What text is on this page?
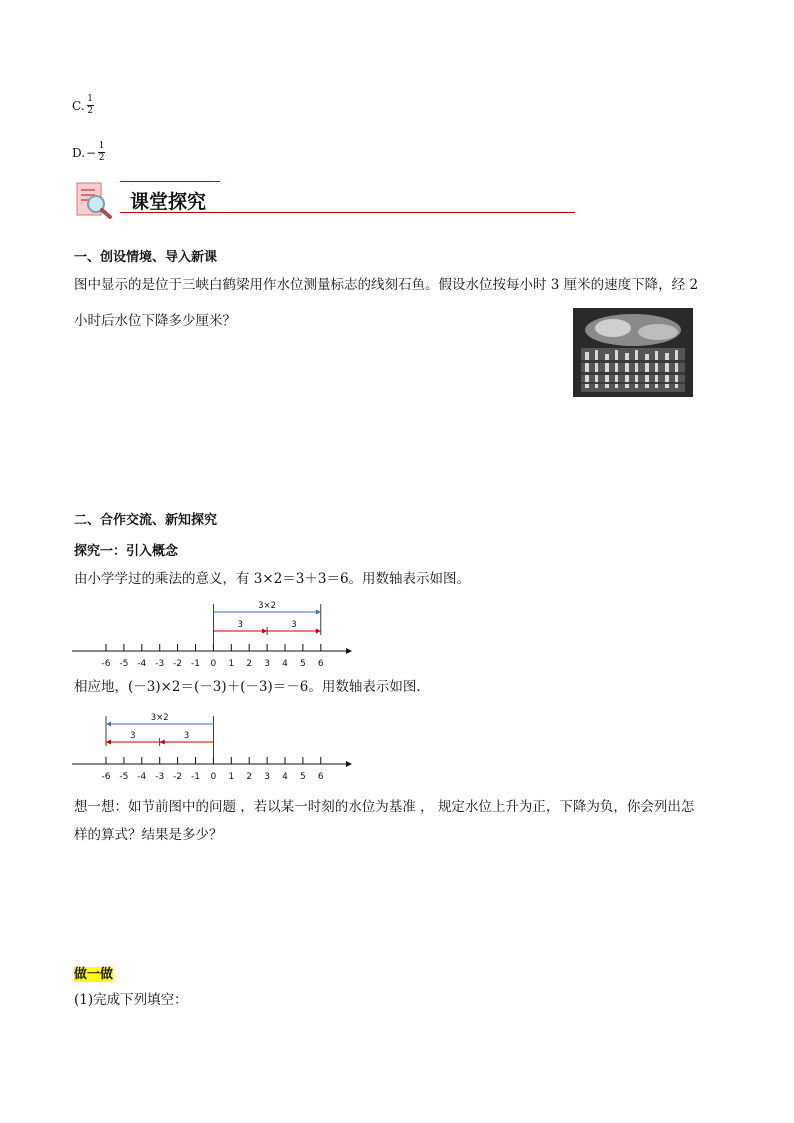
C. $\frac{1}{2}$
D. − $\frac{1}{2}$
课堂探究
一、创设情境、导入新课
图中显示的是位于三峡白鹤梁用作水位测量标志的线刻石鱼。假设水位按每小时 3 厘米的速度下降，经 2
小时后水位下降多少厘米？
二、合作交流、新知探究
探究一：引入概念
由小学学过的乘法的意义，有 3×2＝3＋3＝6。用数轴表示如图。
-6 -5 -4 -3 -2 -1 0 1 2 3 4 5 6
3×2
3	3
相应地，(－3)×2＝(－3)＋(－3)＝－6。用数轴表示如图.
-6 -5 -4 -3 -2 -1 0 1 2 3 4 5 6
3×2
3
3
想一想：如节前图中的问题 ，若以某一时刻的水位为基准 ， 规定水位上升为正，下降为负，你会列出怎
样的算式？结果是多少？
做一做
(1)完成下列填空：
